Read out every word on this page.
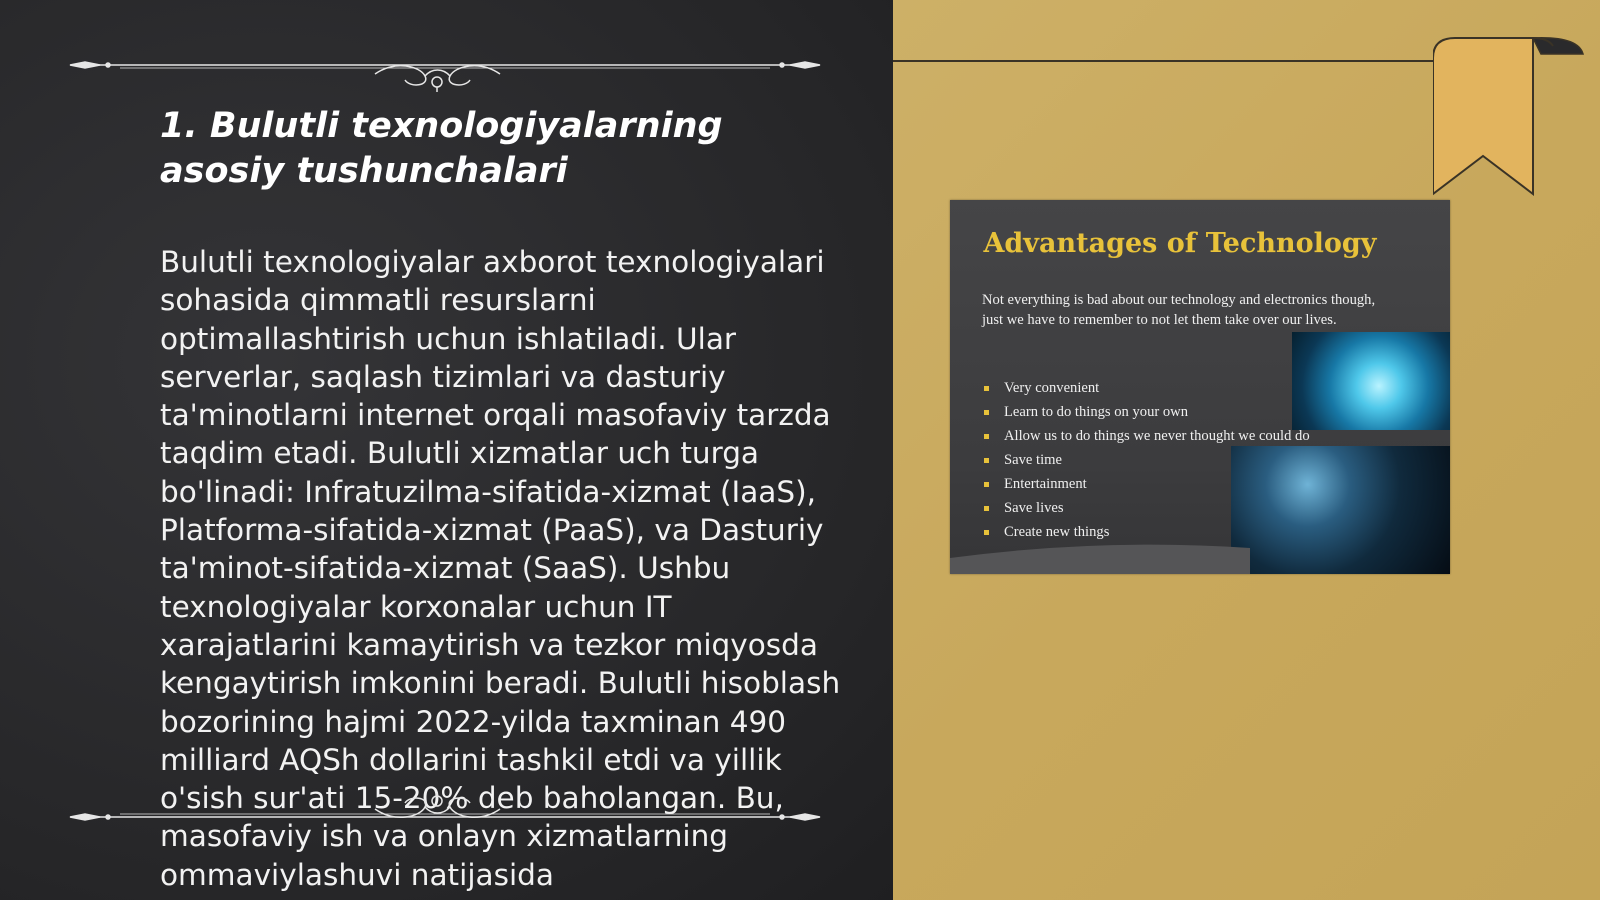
1. Bulutli texnologiyalarning asosiy tushunchalari

Bulutli texnologiyalar axborot texnologiyalari sohasida qimmatli resurslarni optimallashtirish uchun ishlatiladi. Ular serverlar, saqlash tizimlari va dasturiy ta'minotlarni internet orqali masofaviy tarzda taqdim etadi. Bulutli xizmatlar uch turga bo'linadi: Infratuzilma-sifatida-xizmat (IaaS), Platforma-sifatida-xizmat (PaaS), va Dasturiy ta'minot-sifatida-xizmat (SaaS). Ushbu texnologiyalar korxonalar uchun IT xarajatlarini kamaytirish va tezkor miqyosda kengaytirish imkonini beradi. Bulutli hisoblash bozorining hajmi 2022-yilda taxminan 490 milliard AQSh dollarini tashkil etdi va yillik o'sish sur'ati 15-20% deb baholangan. Bu, masofaviy ish va onlayn xizmatlarning ommaviylashuvi natijasida

Advantages of Technology

Not everything is bad about our technology and electronics though, just we have to remember to not let them take over our lives.

Very convenient
Learn to do things on your own
Allow us to do things we never thought we could do
Save time
Entertainment
Save lives
Create new things
